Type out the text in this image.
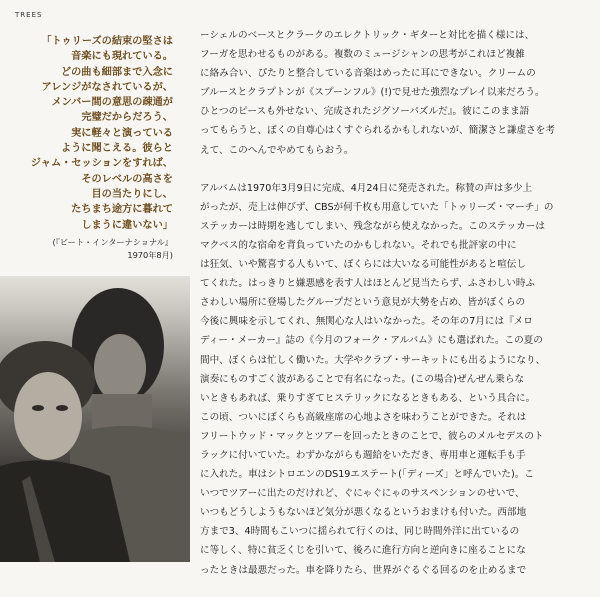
TREES
「トゥリーズの結束の堅さは
音楽にも現れている。
どの曲も細部まで入念に
アレンジがなされているが、
メンバー間の意思の疎通が
完璧だからだろう、
実に軽々と演っている
ように聞こえる。彼らと
ジャム・セッションをすれば、
そのレベルの高さを
目の当たりにし、
たちまち途方に暮れて
しまうに違いない」
(『ビート・インターナショナル』
1970年8月)
ーシェルのベースとクラークのエレクトリック・ギターと対比を描く様には、
フーガを思わせるものがある。複数のミュージシャンの思考がこれほど複雑
に絡み合い、ぴたりと整合している音楽はめったに耳にできない。クリームの
ブルースとクラプトンが《スプーンフル》(!)で見せた強烈なプレイ以来だろう。
ひとつのピースも外せない、完成されたジグソーパズルだ』。彼にこのまま語
ってもらうと、ぼくの自尊心はくすぐられるかもしれないが、簡潔さと謙虚さを考
えて、このへんでやめてもらおう。
アルバムは1970年3月9日に完成、4月24日に発売された。称賛の声は多少上
がったが、売上は伸びず、CBSが何千枚も用意していた「トゥリーズ・マーチ」の
ステッカーは時期を逃してしまい、残念ながら使えなかった。このステッカーは
マクベス的な宿命を背負っていたのかもしれない。それでも批評家の中に
は狂気、いや驚喜する人もいて、ぼくらには大いなる可能性があると喧伝し
てくれた。はっきりと嫌悪感を表す人はほとんど見当たらず、ふさわしい時ふ
さわしい場所に登場したグループだという意見が大勢を占め、皆がぼくらの
今後に興味を示してくれ、無関心な人はいなかった。その年の7月には『メロ
ディー・メーカー』誌の《今月のフォーク・アルバム》にも選ばれた。この夏の
間中、ぼくらは忙しく働いた。大学やクラブ・サーキットにも出るようになり、
演奏にものすごく波があることで有名になった。(この場合)ぜんぜん乗らな
いときもあれば、乗りすぎてヒステリックになるときもある、という具合に。
この頃、ついにぼくらも高級座席の心地よさを味わうことができた。それは
フリートウッド・マックとツアーを回ったときのことで、彼らのメルセデスのト
ラックに付いていた。わずかながらも週給をいただき、専用車と運転手も手
に入れた。車はシトロエンのDS19エステート(「ディーズ」と呼んでいた)。こ
いつでツアーに出たのだけれど、ぐにゃぐにゃのサスペンションのせいで、
いつもどうしようもないほど気分が悪くなるというおまけも付いた。西部地
方まで3、4時間もこいつに揺られて行くのは、同じ時間外洋に出ているの
に等しく、特に貧乏くじを引いて、後ろに進行方向と逆向きに座ることにな
ったときは最悪だった。車を降りたら、世界がぐるぐる回るのを止めるまで
